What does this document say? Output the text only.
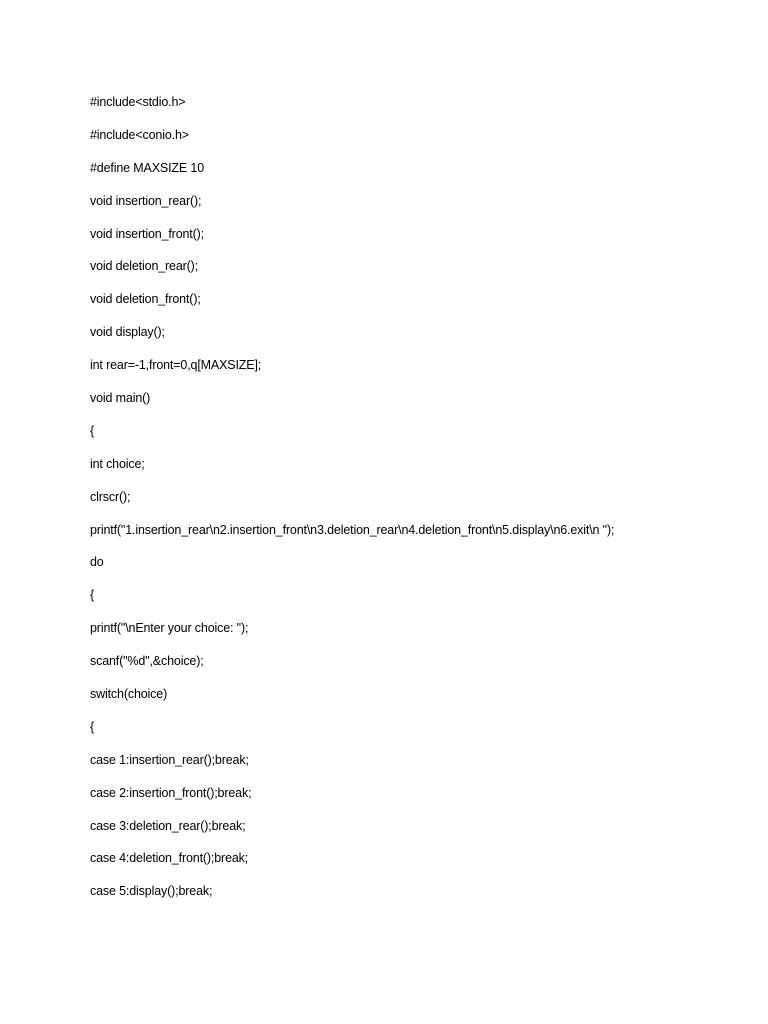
#include<stdio.h>
#include<conio.h>
#define MAXSIZE 10
void insertion_rear();
void insertion_front();
void deletion_rear();
void deletion_front();
void display();
int rear=-1,front=0,q[MAXSIZE];
void main()
{
int choice;
clrscr();
printf("1.insertion_rear\n2.insertion_front\n3.deletion_rear\n4.deletion_front\n5.display\n6.exit\n ");
do
{
printf("\nEnter your choice: ");
scanf("%d",&choice);
switch(choice)
{
case 1:insertion_rear();break;
case 2:insertion_front();break;
case 3:deletion_rear();break;
case 4:deletion_front();break;
case 5:display();break;
